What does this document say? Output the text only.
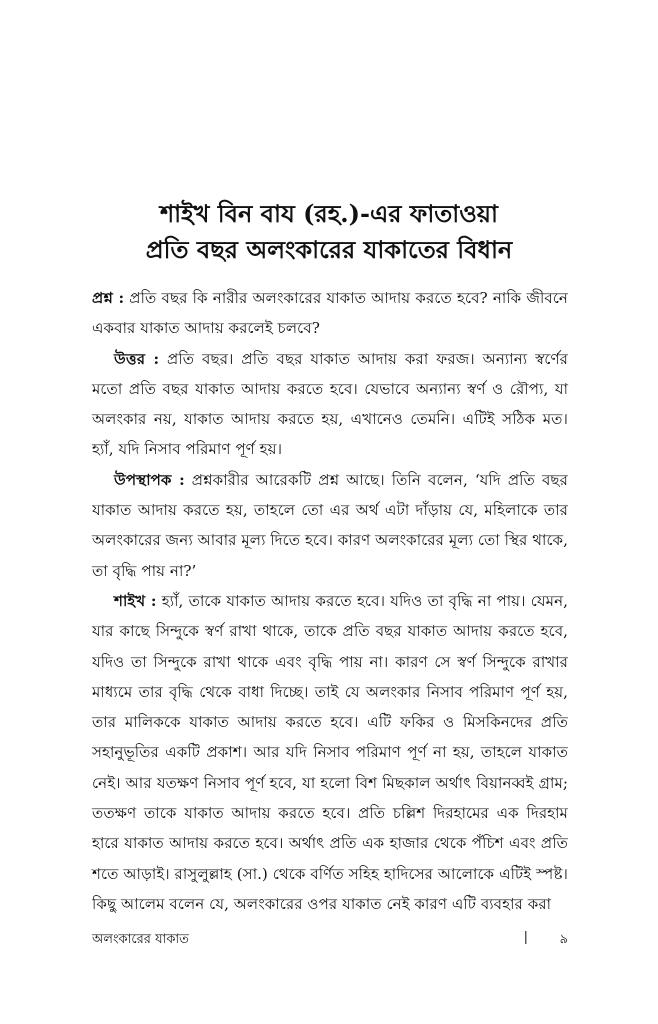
শাইখ বিন বায (রহ.)-এর ফাতাওয়া
প্রতি বছর অলংকারের যাকাতের বিধান

প্রশ্ন : প্রতি বছর কি নারীর অলংকারের যাকাত আদায় করতে হবে? নাকি জীবনে একবার যাকাত আদায় করলেই চলবে?

উত্তর : প্রতি বছর। প্রতি বছর যাকাত আদায় করা ফরজ। অন্যান্য স্বর্ণের মতো প্রতি বছর যাকাত আদায় করতে হবে। যেভাবে অন্যান্য স্বর্ণ ও রৌপ্য, যা অলংকার নয়, যাকাত আদায় করতে হয়, এখানেও তেমনি। এটিই সঠিক মত। হ্যাঁ, যদি নিসাব পরিমাণ পূর্ণ হয়।

উপস্থাপক : প্রশ্নকারীর আরেকটি প্রশ্ন আছে। তিনি বলেন, ‘যদি প্রতি বছর যাকাত আদায় করতে হয়, তাহলে তো এর অর্থ এটা দাঁড়ায় যে, মহিলাকে তার অলংকারের জন্য আবার মূল্য দিতে হবে। কারণ অলংকারের মূল্য তো স্থির থাকে, তা বৃদ্ধি পায় না?’

শাইখ : হ্যাঁ, তাকে যাকাত আদায় করতে হবে। যদিও তা বৃদ্ধি না পায়। যেমন, যার কাছে সিন্দুকে স্বর্ণ রাখা থাকে, তাকে প্রতি বছর যাকাত আদায় করতে হবে, যদিও তা সিন্দুকে রাখা থাকে এবং বৃদ্ধি পায় না। কারণ সে স্বর্ণ সিন্দুকে রাখার মাধ্যমে তার বৃদ্ধি থেকে বাধা দিচ্ছে। তাই যে অলংকার নিসাব পরিমাণ পূর্ণ হয়, তার মালিককে যাকাত আদায় করতে হবে। এটি ফকির ও মিসকিনদের প্রতি সহানুভূতির একটি প্রকাশ। আর যদি নিসাব পরিমাণ পূর্ণ না হয়, তাহলে যাকাত নেই। আর যতক্ষণ নিসাব পূর্ণ হবে, যা হলো বিশ মিছকাল অর্থাৎ বিয়ানব্বই গ্রাম; ততক্ষণ তাকে যাকাত আদায় করতে হবে। প্রতি চল্লিশ দিরহামের এক দিরহাম হারে যাকাত আদায় করতে হবে। অর্থাৎ প্রতি এক হাজার থেকে পঁচিশ এবং প্রতি শতে আড়াই। রাসুলুল্লাহ (সা.) থেকে বর্ণিত সহিহ হাদিসের আলোকে এটিই স্পষ্ট। কিছু আলেম বলেন যে, অলংকারের ওপর যাকাত নেই কারণ এটি ব্যবহার করা

অলংকারের যাকাত	| ৯
